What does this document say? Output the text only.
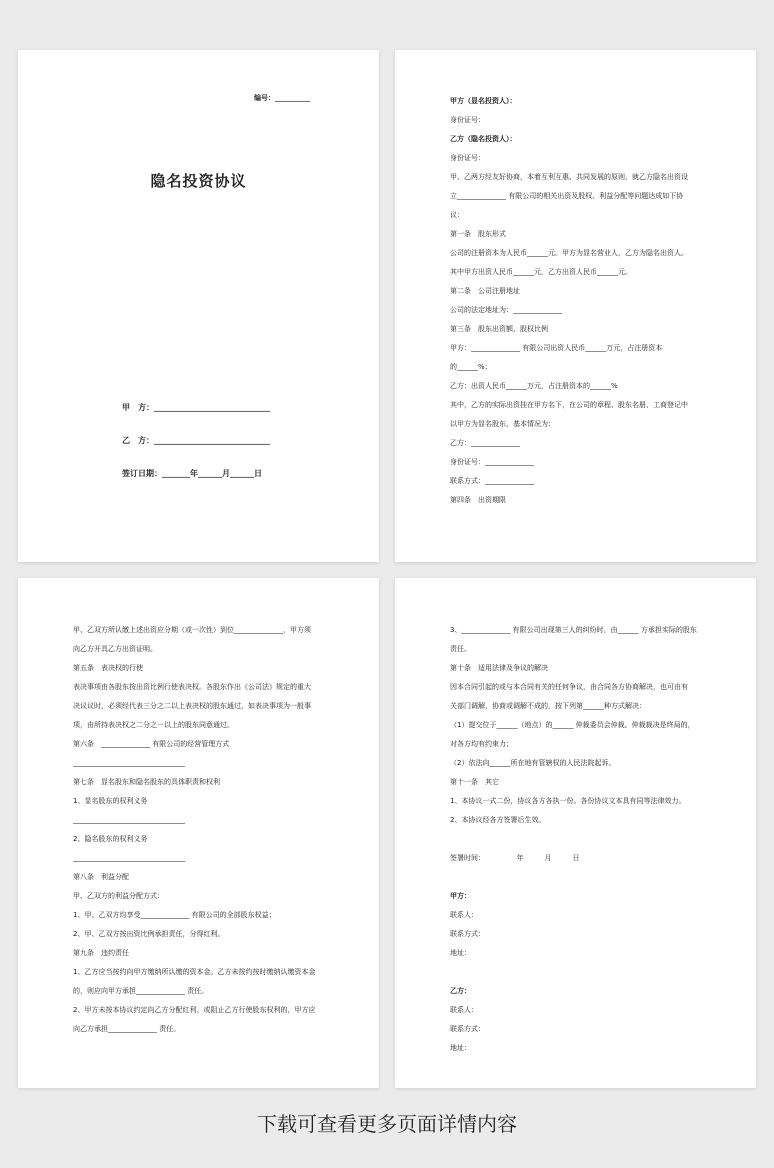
编号：__________
隐名投资协议
甲　方：_____________________________
乙　方：_____________________________
签订日期：_______年______月______日
甲方（显名投资人）：
身份证号：
乙方（隐名投资人）：
身份证号：
甲、乙两方经友好协商，本着互利互惠、共同发展的原则，就乙方隐名出资设
立______________ 有限公司的相关出资及股权、利益分配等问题达成如下协
议：
第一条　股东形式
公司的注册资本为人民币______元。甲方为显名营业人，乙方为隐名出资人。
其中甲方出资人民币______元，乙方出资人民币______元。
第二条　公司注册地址
公司的法定地址为：______________
第三条　股东出资额、股权比例
甲方：______________ 有限公司出资人民币______万元，占注册资本
的______%；
乙方：出资人民币______万元，占注册资本的______%
其中，乙方的实际出资挂在甲方名下，在公司的章程、股东名册、工商登记中
以甲方为显名股东，基本情况为：
乙方：______________
身份证号：______________
联系方式：______________
第四条　出资期限
甲、乙双方所认缴上述出资应分期（或一次性）到位______________，甲方须
向乙方开具乙方出资证明。
第五条　表决权的行使
表决事项由各股东按出资比例行使表决权。各股东作出《公司法》规定的重大
决议议时，必须经代表三分之二以上表决权的股东通过，如表决事项为一般事
项，由所持表决权之二分之一以上的股东同意通过。
第六条　______________ 有限公司的经营管理方式
________________________________
第七条　显名股东和隐名股东的具体职责和权利
1、显名股东的权利义务
________________________________
2、隐名股东的权利义务
________________________________
第八条　利益分配
甲、乙双方的利益分配方式：
1、甲、乙双方均享受______________ 有限公司的全部股东权益；
2、甲、乙双方按出资比例承担责任，分得红利。
第九条　违约责任
1、乙方应当按约向甲方缴纳所认缴的资本金。乙方未按约按时缴纳认缴资本金
的，则应向甲方承担______________ 责任。
2、甲方未按本协议约定向乙方分配红利、或阻止乙方行使股东权利的，甲方应
向乙方承担______________ 责任。
3、______________ 有限公司出现第三人的纠纷时，由______ 方承担实际的股东
责任。
第十条　适用法律及争议的解决
因本合同引起的或与本合同有关的任何争议，由合同各方协商解决，也可由有
关部门调解，协商或调解不成的，按下列第______种方式解决：
（1）提交位于______（地点）的______ 仲裁委员会仲裁。仲裁裁决是终局的，
对各方均有约束力；
（2）依法向______所在地有管辖权的人民法院起诉。
第十一条　其它
1、本协议一式二份，协议各方各执一份。各份协议文本具有同等法律效力。
2、本协议经各方签署后生效。
签署时间：　　　　　年　　　月　　　日
甲方：
联系人：
联系方式：
地址：
乙方：
联系人：
联系方式：
地址：
下载可查看更多页面详情内容
